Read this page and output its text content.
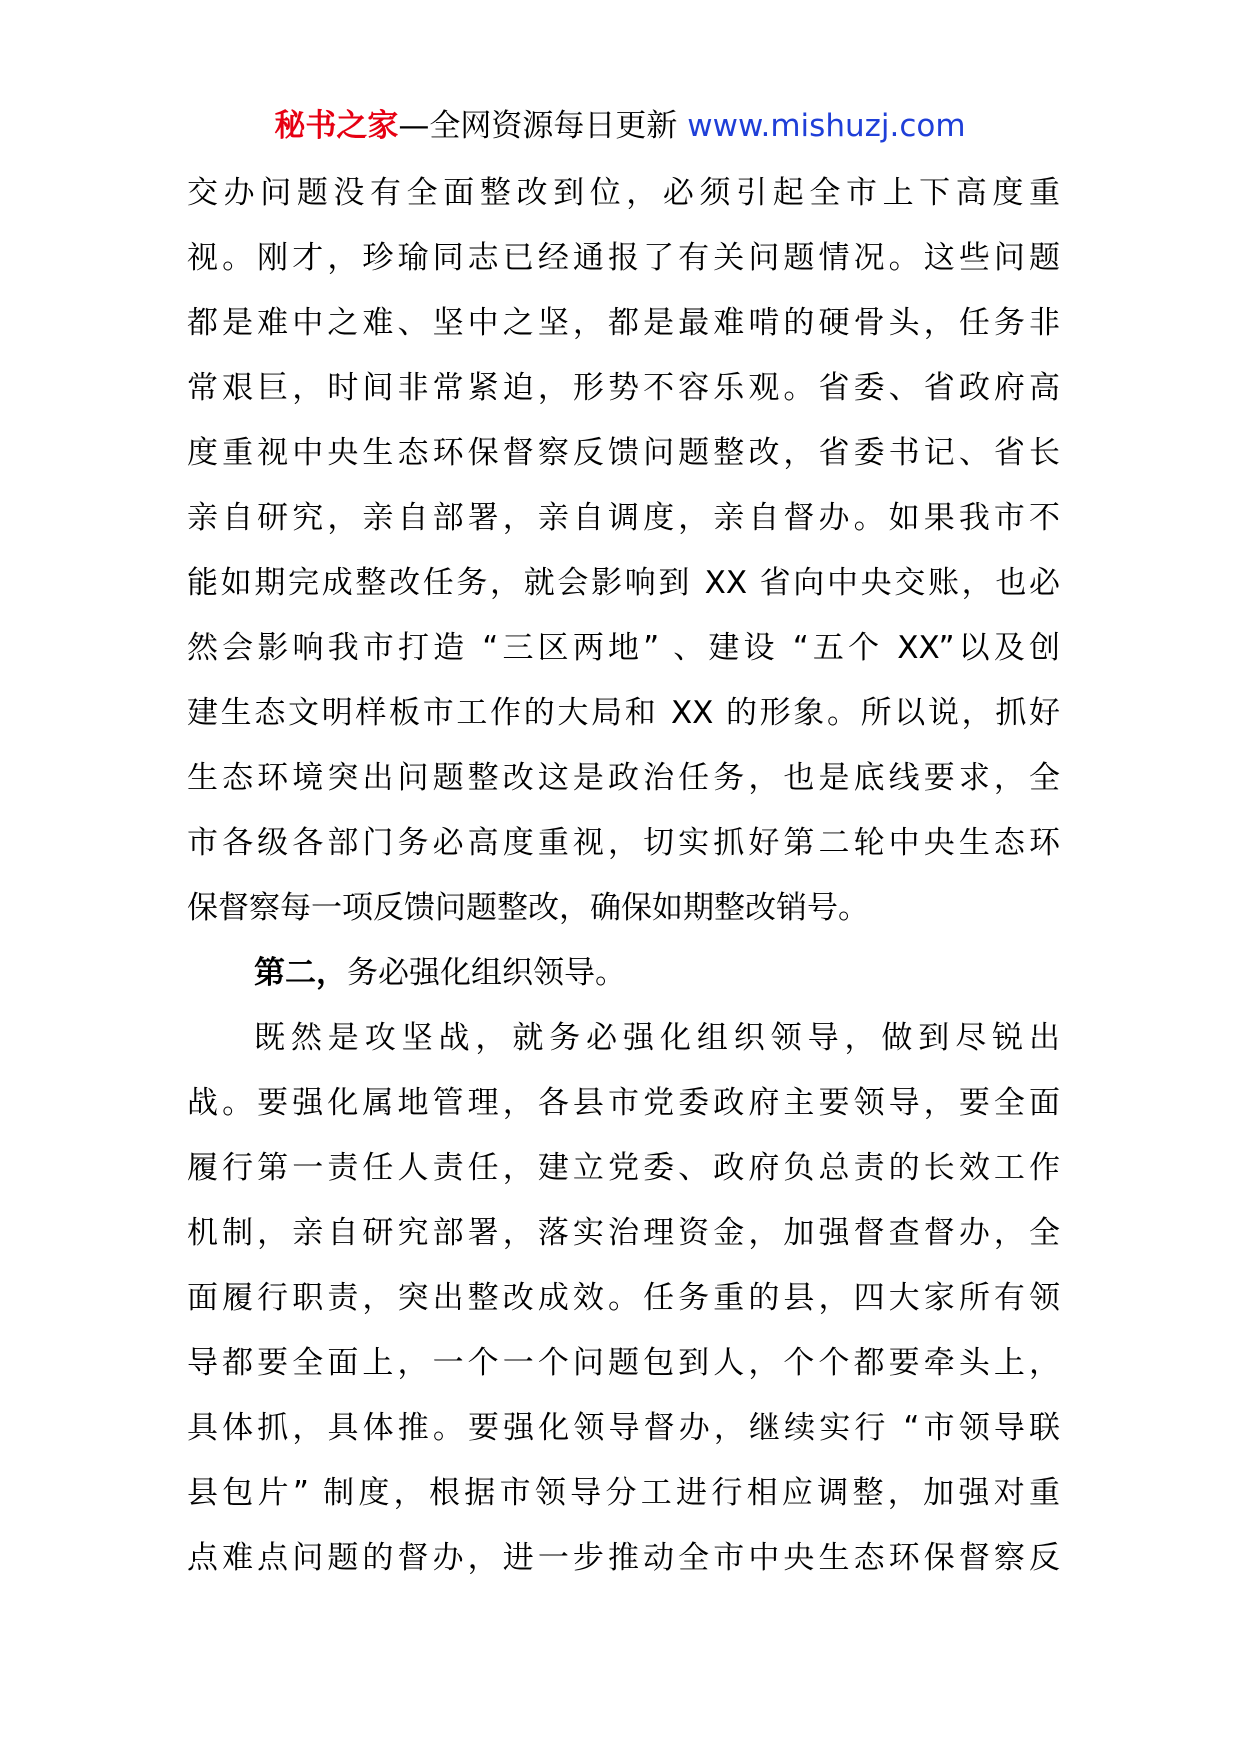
秘书之家—全网资源每日更新 www.mishuzj.com
交办问题没有全面整改到位，必须引起全市上下高度重
视。刚才，珍瑜同志已经通报了有关问题情况。这些问题
都是难中之难、坚中之坚，都是最难啃的硬骨头，任务非
常艰巨，时间非常紧迫，形势不容乐观。省委、省政府高
度重视中央生态环保督察反馈问题整改，省委书记、省长
亲自研究，亲自部署，亲自调度，亲自督办。如果我市不
能如期完成整改任务，就会影响到 XX 省向中央交账，也必
然会影响我市打造 “三区两地” 、建设 “五个 XX”以及创
建生态文明样板市工作的大局和 XX 的形象。所以说，抓好
生态环境突出问题整改这是政治任务，也是底线要求，全
市各级各部门务必高度重视，切实抓好第二轮中央生态环
保督察每一项反馈问题整改，确保如期整改销号。
第二，务必强化组织领导。
既然是攻坚战，就务必强化组织领导，做到尽锐出
战。要强化属地管理，各县市党委政府主要领导，要全面
履行第一责任人责任，建立党委、政府负总责的长效工作
机制，亲自研究部署，落实治理资金，加强督查督办，全
面履行职责，突出整改成效。任务重的县，四大家所有领
导都要全面上，一个一个问题包到人，个个都要牵头上，
具体抓，具体推。要强化领导督办，继续实行 “市领导联
县包片” 制度，根据市领导分工进行相应调整，加强对重
点难点问题的督办，进一步推动全市中央生态环保督察反
